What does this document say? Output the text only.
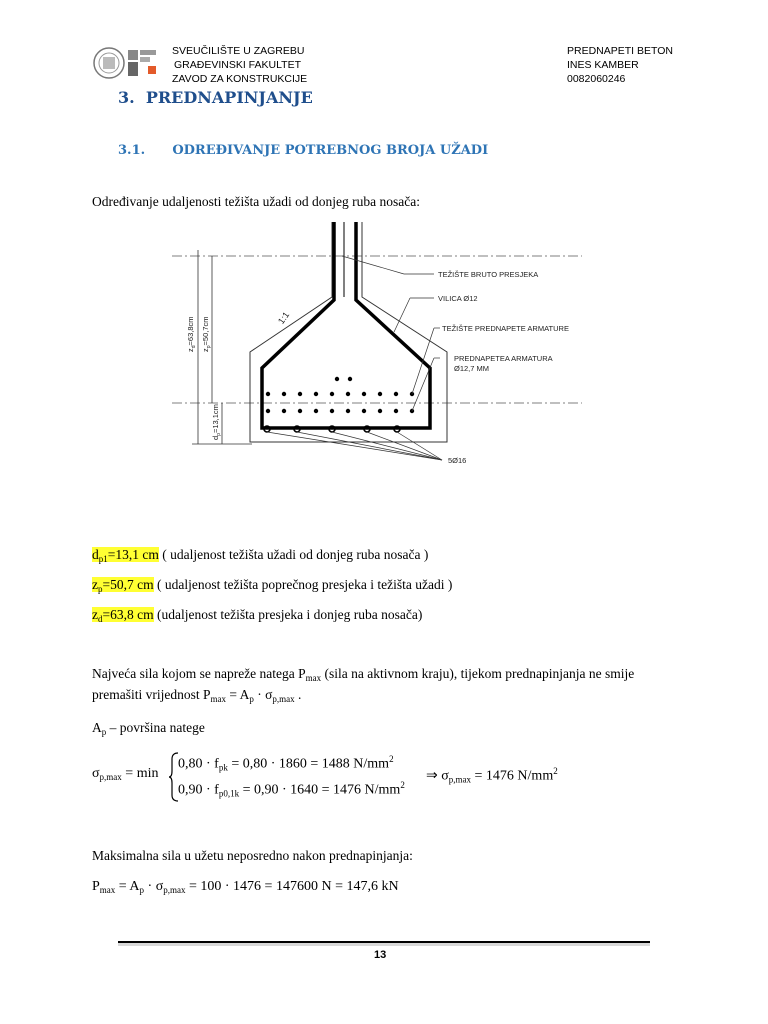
SVEUČILIŠTE U ZAGREBU
GRAĐEVINSKI FAKULTET
ZAVOD ZA KONSTRUKCIJE
PREDNAPETI BETON
INES KAMBER
0082060246
3. PREDNAPINJANJE
3.1. ODREĐIVANJE POTREBNOG BROJA UŽADI
Određivanje udaljenosti težišta užadi od donjeg ruba nosača:
$z_d=63,8cm$
$z_p=50,7cm$
$d_p=13,1cm$
1:1
TEŽIŠTE BRUTO PRESJEKA
VILICA Ø12
TEŽIŠTE PREDNAPETE ARMATURE
PREDNAPETEA ARMATURA
Ø12,7 MM
5Ø16
$d_{p1}=13,1$ cm ( udaljenost težišta užadi od donjeg ruba nosača )
$z_p=50,7$ cm ( udaljenost težišta poprečnog presjeka i težišta užadi )
$z_d=63,8$ cm (udaljenost težišta presjeka i donjeg ruba nosača)
Najveća sila kojom se napreže natega $P_{max}$ (sila na aktivnom kraju), tijekom prednapinjanja ne smije
premašiti vrijednost $P_{max} = A_p \cdot \sigma_{p,max}$ .
$A_p$ – površina natege
$\sigma_{p,max} = \min$
$0,80 \cdot f_{pk} = 0,80 \cdot 1860 = 1488$ $N/mm^2$
$0,90 \cdot f_{p0,1k} = 0,90 \cdot 1640 = 1476$ $N/mm^2$
⇒ $\sigma_{p,max} = 1476$ $N/mm^2$
Maksimalna sila u užetu neposredno nakon prednapinjanja:
$P_{max} = A_p \cdot \sigma_{p,max} = 100 \cdot 1476 = 147600$ N = 147,6 kN
13
